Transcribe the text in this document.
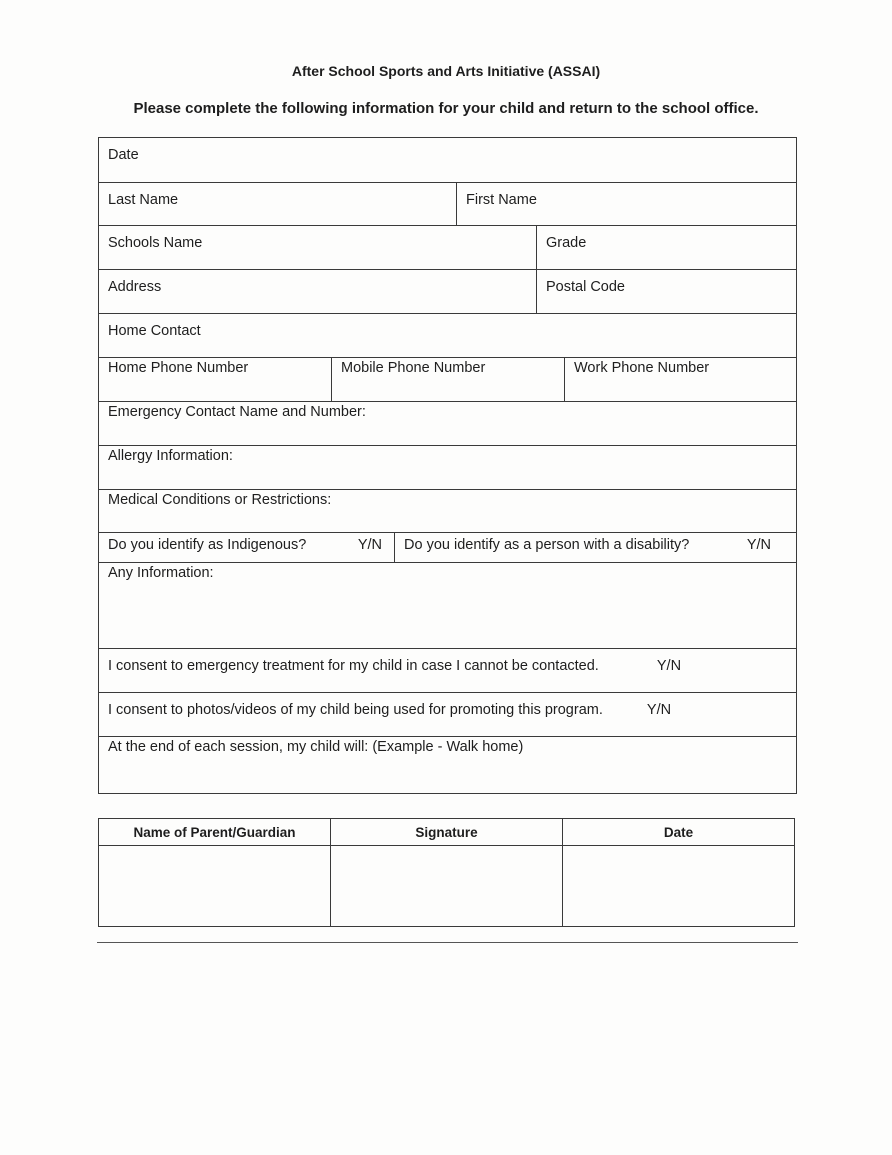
After School Sports and Arts Initiative (ASSAI)
Please complete the following information for your child and return to the school office.
Date
Last Name	First Name
Schools Name	Grade
Address	Postal Code
Home Contact
Home Phone Number	Mobile Phone Number	Work Phone Number
Emergency Contact Name and Number:
Allergy Information:
Medical Conditions or Restrictions:
Do you identify as Indigenous?	Y/N Do you identify as a person with a disability?	Y/N
Any Information:
I consent to emergency treatment for my child in case I cannot be contacted.	Y/N
I consent to photos/videos of my child being used for promoting this program.	Y/N
At the end of each session, my child will: (Example - Walk home)
Name of Parent/Guardian	Signature	Date
